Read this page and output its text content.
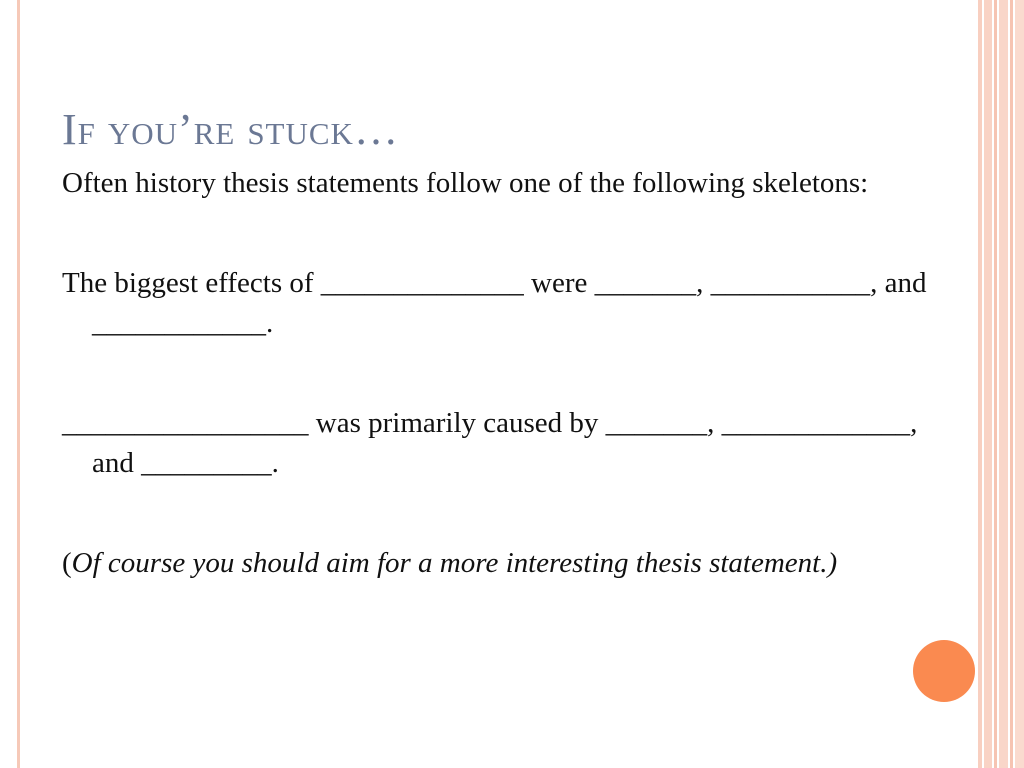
If you’re stuck…

Often history thesis statements follow one of the following skeletons:

The biggest effects of ______________ were _______, ___________, and ____________.

_________________ was primarily caused by _______, _____________, and _________.

(Of course you should aim for a more interesting thesis statement.)
